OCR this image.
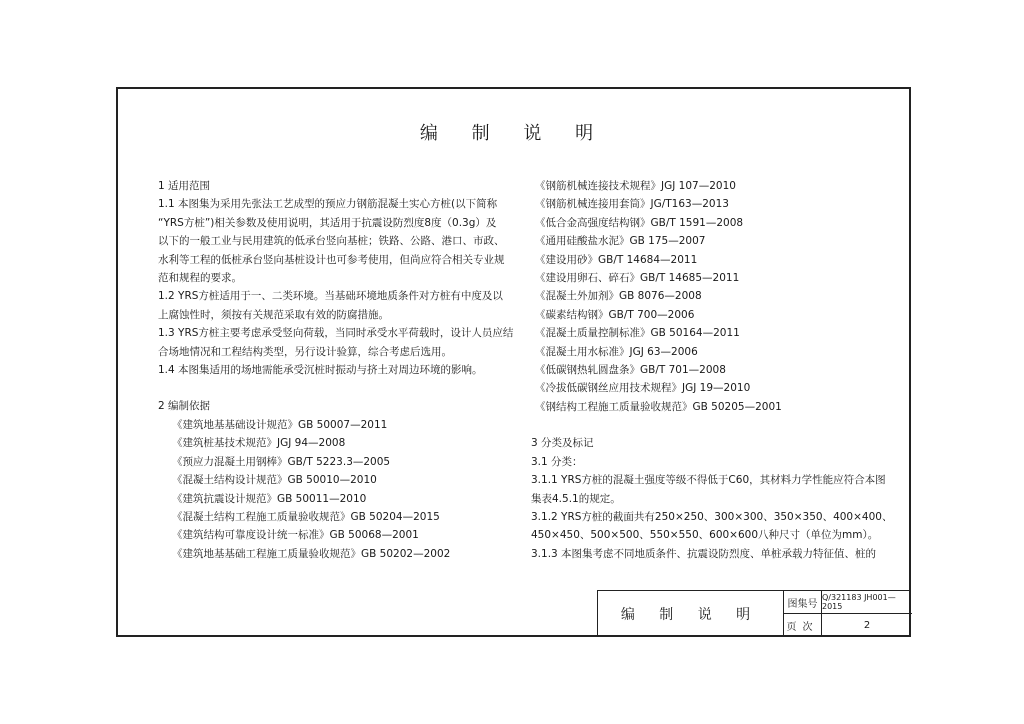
编 制 说 明
1 适用范围
1.1 本图集为采用先张法工艺成型的预应力钢筋混凝土实心方桩(以下简称
“YRS方桩”)相关参数及使用说明，其适用于抗震设防烈度8度（0.3g）及
以下的一般工业与民用建筑的低承台竖向基桩；铁路、公路、港口、市政、
水利等工程的低桩承台竖向基桩设计也可参考使用，但尚应符合相关专业规
范和规程的要求。
1.2 YRS方桩适用于一、二类环境。当基础环境地质条件对方桩有中度及以
上腐蚀性时，须按有关规范采取有效的防腐措施。
1.3 YRS方桩主要考虑承受竖向荷载，当同时承受水平荷载时，设计人员应结
合场地情况和工程结构类型，另行设计验算，综合考虑后选用。
1.4 本图集适用的场地需能承受沉桩时振动与挤土对周边环境的影响。
2 编制依据
《建筑地基基础设计规范》GB 50007—2011
《建筑桩基技术规范》JGJ 94—2008
《预应力混凝土用钢棒》GB/T 5223.3—2005
《混凝土结构设计规范》GB 50010—2010
《建筑抗震设计规范》GB 50011—2010
《混凝土结构工程施工质量验收规范》GB 50204—2015
《建筑结构可靠度设计统一标准》GB 50068—2001
《建筑地基基础工程施工质量验收规范》GB 50202—2002
《钢筋机械连接技术规程》JGJ 107—2010
《钢筋机械连接用套筒》JG/T163—2013
《低合金高强度结构钢》GB/T 1591—2008
《通用硅酸盐水泥》GB 175—2007
《建设用砂》GB/T 14684—2011
《建设用卵石、碎石》GB/T 14685—2011
《混凝土外加剂》GB 8076—2008
《碳素结构钢》GB/T 700—2006
《混凝土质量控制标准》GB 50164—2011
《混凝土用水标准》JGJ 63—2006
《低碳钢热轧圆盘条》GB/T 701—2008
《冷拔低碳钢丝应用技术规程》JGJ 19—2010
《钢结构工程施工质量验收规范》GB 50205—2001
3 分类及标记
3.1 分类：
3.1.1 YRS方桩的混凝土强度等级不得低于C60，其材料力学性能应符合本图
集表4.5.1的规定。
3.1.2 YRS方桩的截面共有250×250、300×300、350×350、400×400、
450×450、500×500、550×550、600×600八种尺寸（单位为mm）。
3.1.3 本图集考虑不同地质条件、抗震设防烈度、单桩承载力特征值、桩的
编 制 说 明
图集号
Q/321183 JH001—2015
页次	2
